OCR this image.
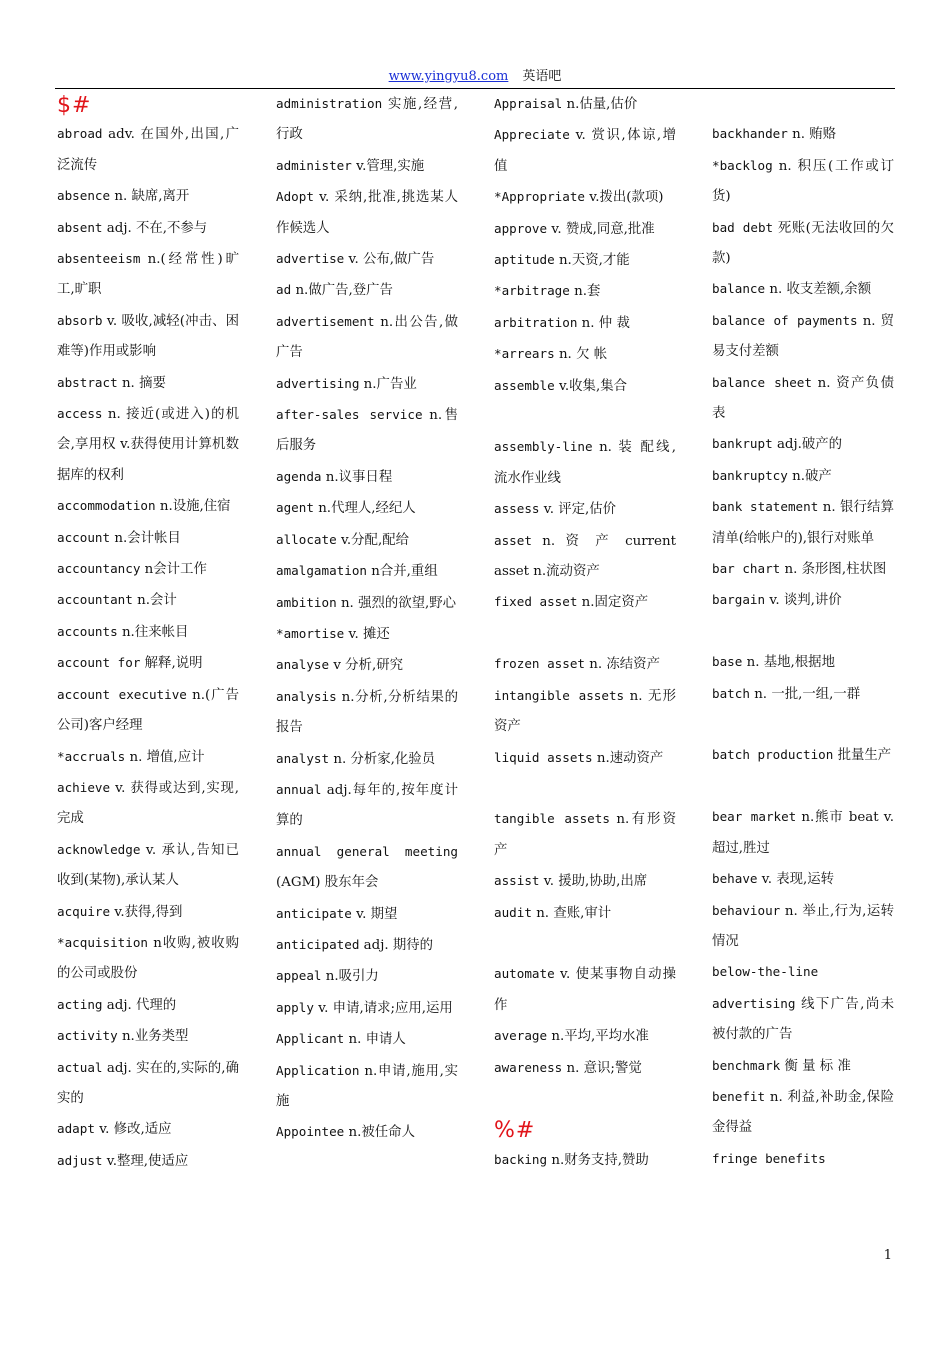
www.yingyu8.com 英语吧
$#
abroad adv. 在国外,出国,广泛流传
absence n. 缺席,离开
absent adj. 不在,不参与
absenteeism n.(经常性)旷工,旷职
absorb v. 吸收,减轻(冲击、困难等)作用或影响
abstract n. 摘要
access n. 接近(或进入)的机会,享用权 v.获得使用计算机数据库的权利
accommodation n.设施,住宿
account n.会计帐目
accountancy n会计工作
accountant n.会计
accounts n.往来帐目
account for 解释,说明
account executive n.(广告公司)客户经理
*accruals n. 增值,应计
achieve v. 获得或达到,实现,完成
acknowledge v. 承认,告知已收到(某物),承认某人
acquire v.获得,得到
*acquisition n收购,被收购的公司或股份
acting adj. 代理的
activity n.业务类型
actual adj. 实在的,实际的,确实的
adapt v. 修改,适应
adjust v.整理,使适应
administration 实施,经营,行政
administer v.管理,实施
Adopt v. 采纳,批准,挑选某人作候选人
advertise v. 公布,做广告
ad n.做广告,登广告
advertisement n.出公告,做广告
advertising n.广告业
after-sales service n.售后服务
agenda n.议事日程
agent n.代理人,经纪人
allocate v.分配,配给
amalgamation n合并,重组
ambition n. 强烈的欲望,野心
*amortise v. 摊还
analyse v 分析,研究
analysis n.分析,分析结果的报告
analyst n. 分析家,化验员
annual adj.每年的,按年度计算的
annual general meeting (AGM) 股东年会
anticipate v. 期望
anticipated adj. 期待的
appeal n.吸引力
apply v. 申请,请求;应用,运用
Applicant n. 申请人
Application n.申请,施用,实施
Appointee n.被任命人
Appraisal n.估量,估价
Appreciate v. 赏识,体谅,增值
*Appropriate v.拨出(款项)
approve v. 赞成,同意,批准
aptitude n.天资,才能
*arbitrage n.套
arbitration n. 仲 裁
*arrears n. 欠 帐
assemble v.收集,集合
assembly-line n. 装 配线,流水作业线
assess v. 评定,估价
asset n. 资 产 current asset n.流动资产
fixed asset n.固定资产
frozen asset n. 冻结资产
intangible assets n. 无形资产
liquid assets n.速动资产
tangible assets n.有形资产
assist v. 援助,协助,出席
audit n. 查账,审计
automate v. 使某事物自动操作
average n.平均,平均水准
awareness n. 意识;警觉
%#
backing n.财务支持,赞助
backhander n. 贿赂
*backlog n. 积压(工作或订货)
bad debt 死账(无法收回的欠款)
balance n. 收支差额,余额
balance of payments n. 贸易支付差额
balance sheet n. 资产负债表
bankrupt adj.破产的
bankruptcy n.破产
bank statement n. 银行结算清单(给帐户的),银行对账单
bar chart n. 条形图,柱状图
bargain v. 谈判,讲价
base n. 基地,根据地
batch n. 一批,一组,一群
batch production 批量生产
bear market n.熊市 beat v. 超过,胜过
behave v. 表现,运转
behaviour n. 举止,行为,运转情况
below-the-line
advertising 线下广告,尚未被付款的广告
benchmark 衡 量 标 准
benefit n. 利益,补助金,保险金得益
fringe benefits
1
